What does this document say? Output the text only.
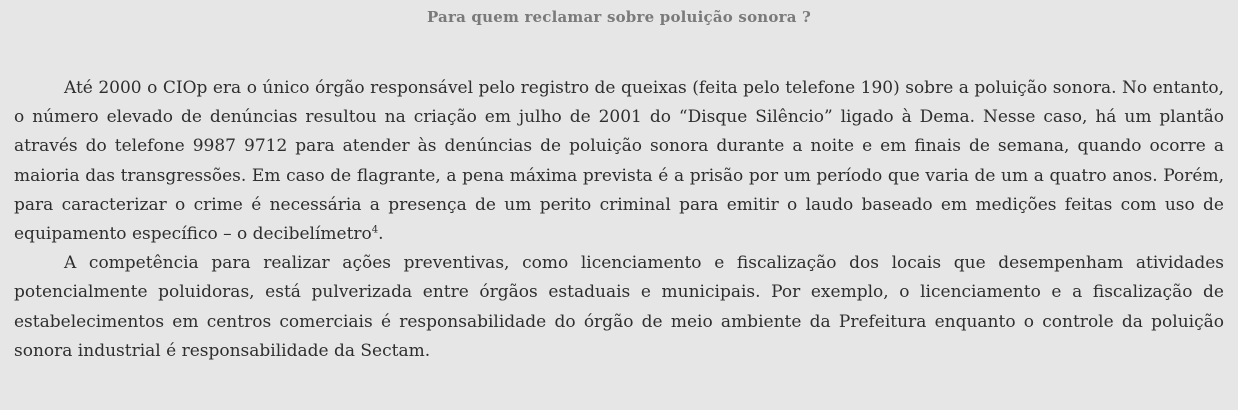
Para quem reclamar sobre poluição sonora ?

Até 2000 o CIOp era o único órgão responsável pelo registro de queixas (feita pelo telefone 190) sobre a poluição sonora. No entanto, o número elevado de denúncias resultou na criação em julho de 2001 do “Disque Silêncio” ligado à Dema. Nesse caso, há um plantão através do telefone 9987 9712 para atender às denúncias de poluição sonora durante a noite e em finais de semana, quando ocorre a maioria das transgressões. Em caso de flagrante, a pena máxima prevista é a prisão por um período que varia de um a quatro anos. Porém, para caracterizar o crime é necessária a presença de um perito criminal para emitir o laudo baseado em medições feitas com uso de equipamento específico – o decibelímetro$^4$.

A competência para realizar ações preventivas, como licenciamento e fiscalização dos locais que desempenham atividades potencialmente poluidoras, está pulverizada entre órgãos estaduais e municipais. Por exemplo, o licenciamento e a fiscalização de estabelecimentos em centros comerciais é responsabilidade do órgão de meio ambiente da Prefeitura enquanto o controle da poluição sonora industrial é responsabilidade da Sectam.
